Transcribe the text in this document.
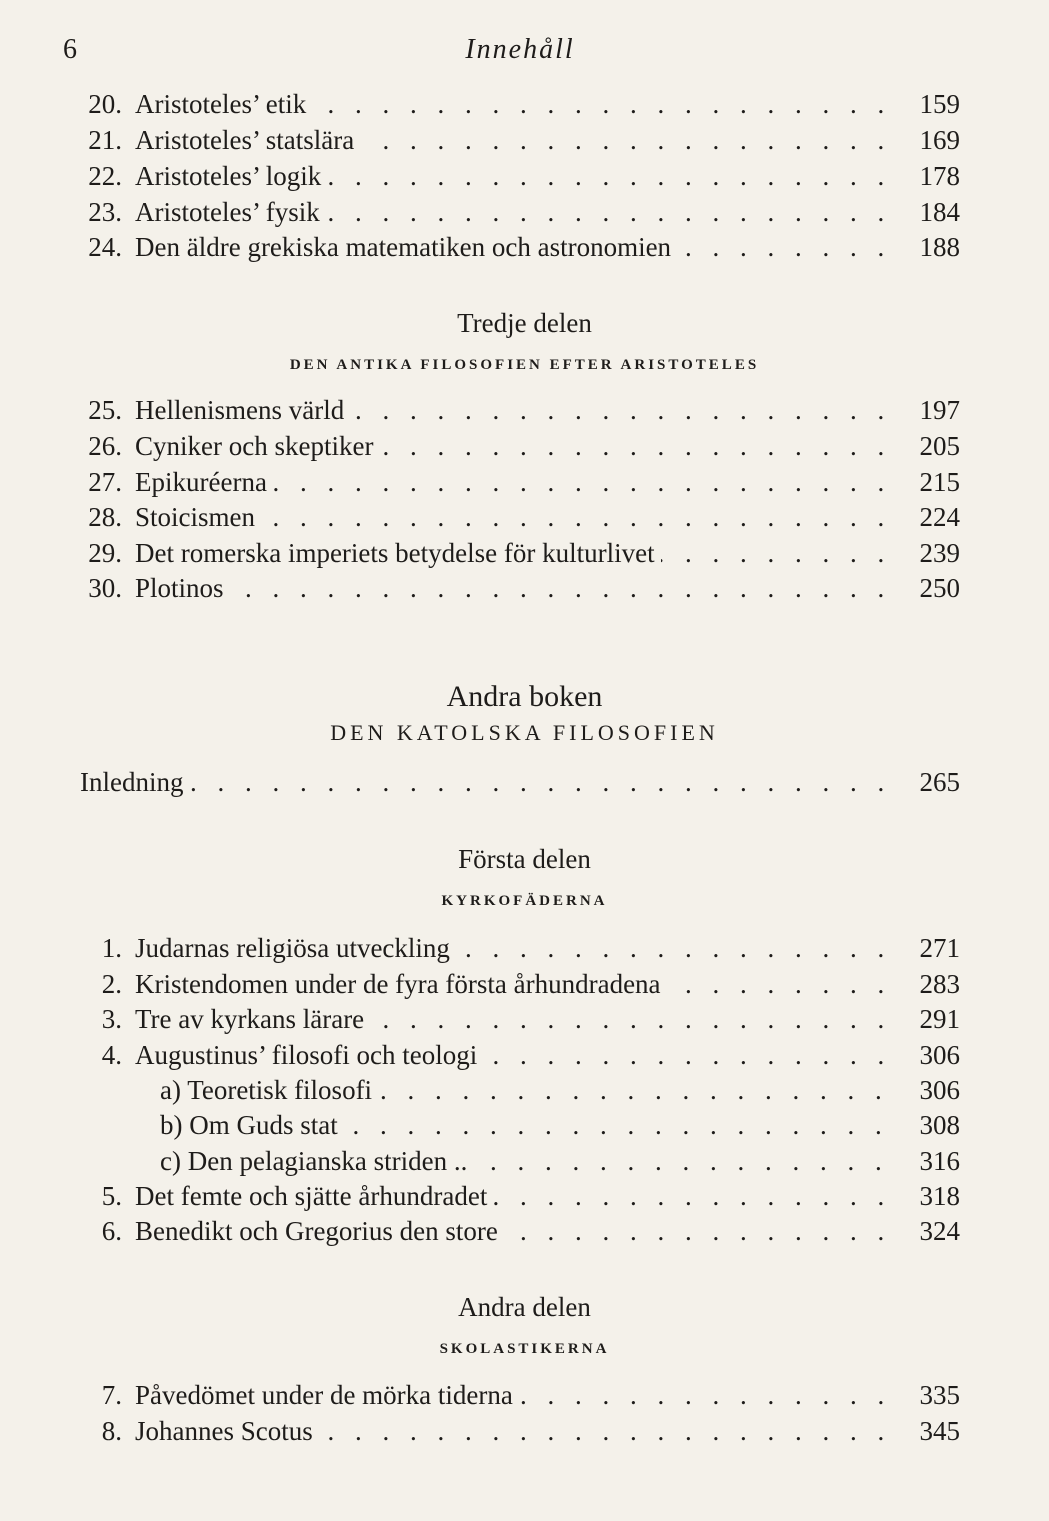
6	Innehåll
20. Aristoteles’ etik . . .	159
21. Aristoteles’ statslära . . .	169
22. Aristoteles’ logik . . .	178
23. Aristoteles’ fysik . . .	184
24. Den äldre grekiska matematiken och astronomien . . .	188
Tredje delen
DEN ANTIKA FILOSOFIEN EFTER ARISTOTELES
25. Hellenismens värld . . .	197
26. Cyniker och skeptiker . . .	205
27. Epikuréerna . . .	215
28. Stoicismen . . .	224
29. Det romerska imperiets betydelse för kulturlivet . . .	239
30. Plotinos . . .	250
Andra boken
DEN KATOLSKA FILOSOFIEN
Inledning . . .	265
Första delen
KYRKOFÄDERNA
1. Judarnas religiösa utveckling . . .	271
2. Kristendomen under de fyra första århundradena . . .	283
3. Tre av kyrkans lärare . . .	291
4. Augustinus’ filosofi och teologi . . .	306
a) Teoretisk filosofi . . .	306
b) Om Guds stat . . .	308
c) Den pelagianska striden .. . . .	316
5. Det femte och sjätte århundradet . . .	318
6. Benedikt och Gregorius den store . . .	324
Andra delen
SKOLASTIKERNA
7. Påvedömet under de mörka tiderna . . .	335
8. Johannes Scotus . . .	345
